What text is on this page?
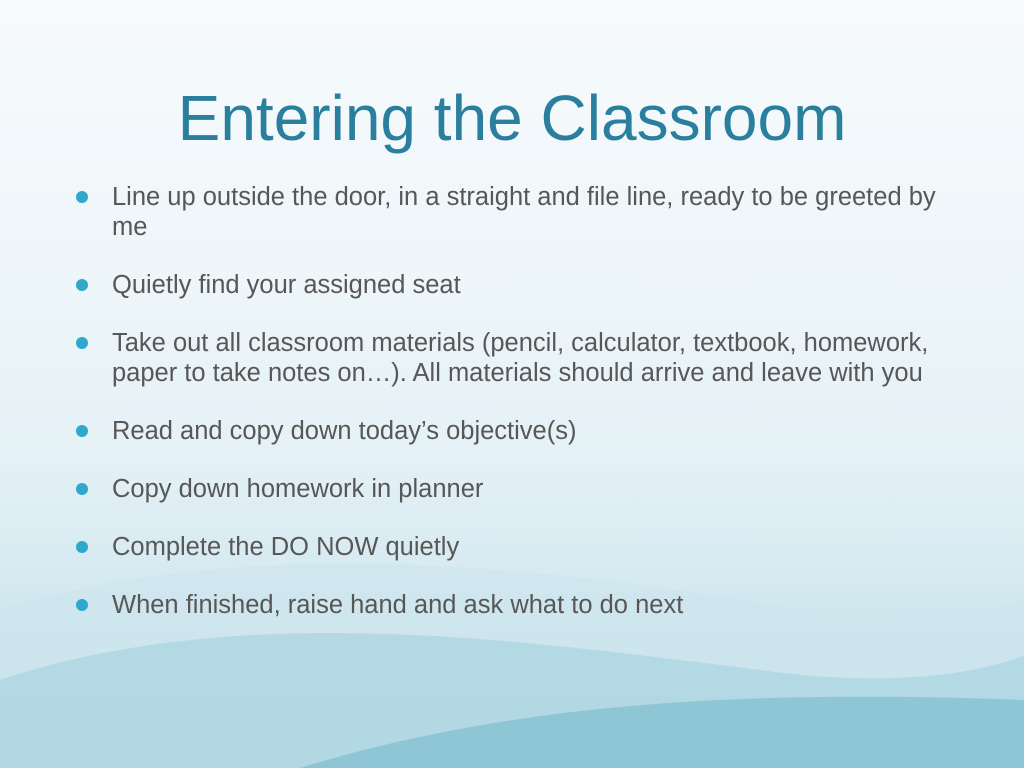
Entering the Classroom
Line up outside the door, in a straight and file line, ready to be greeted by me
Quietly find your assigned seat
Take out all classroom materials (pencil, calculator, textbook, homework, paper to take notes on…). All materials should arrive and leave with you
Read and copy down today’s objective(s)
Copy down homework in planner
Complete the DO NOW quietly
When finished, raise hand and ask what to do next
